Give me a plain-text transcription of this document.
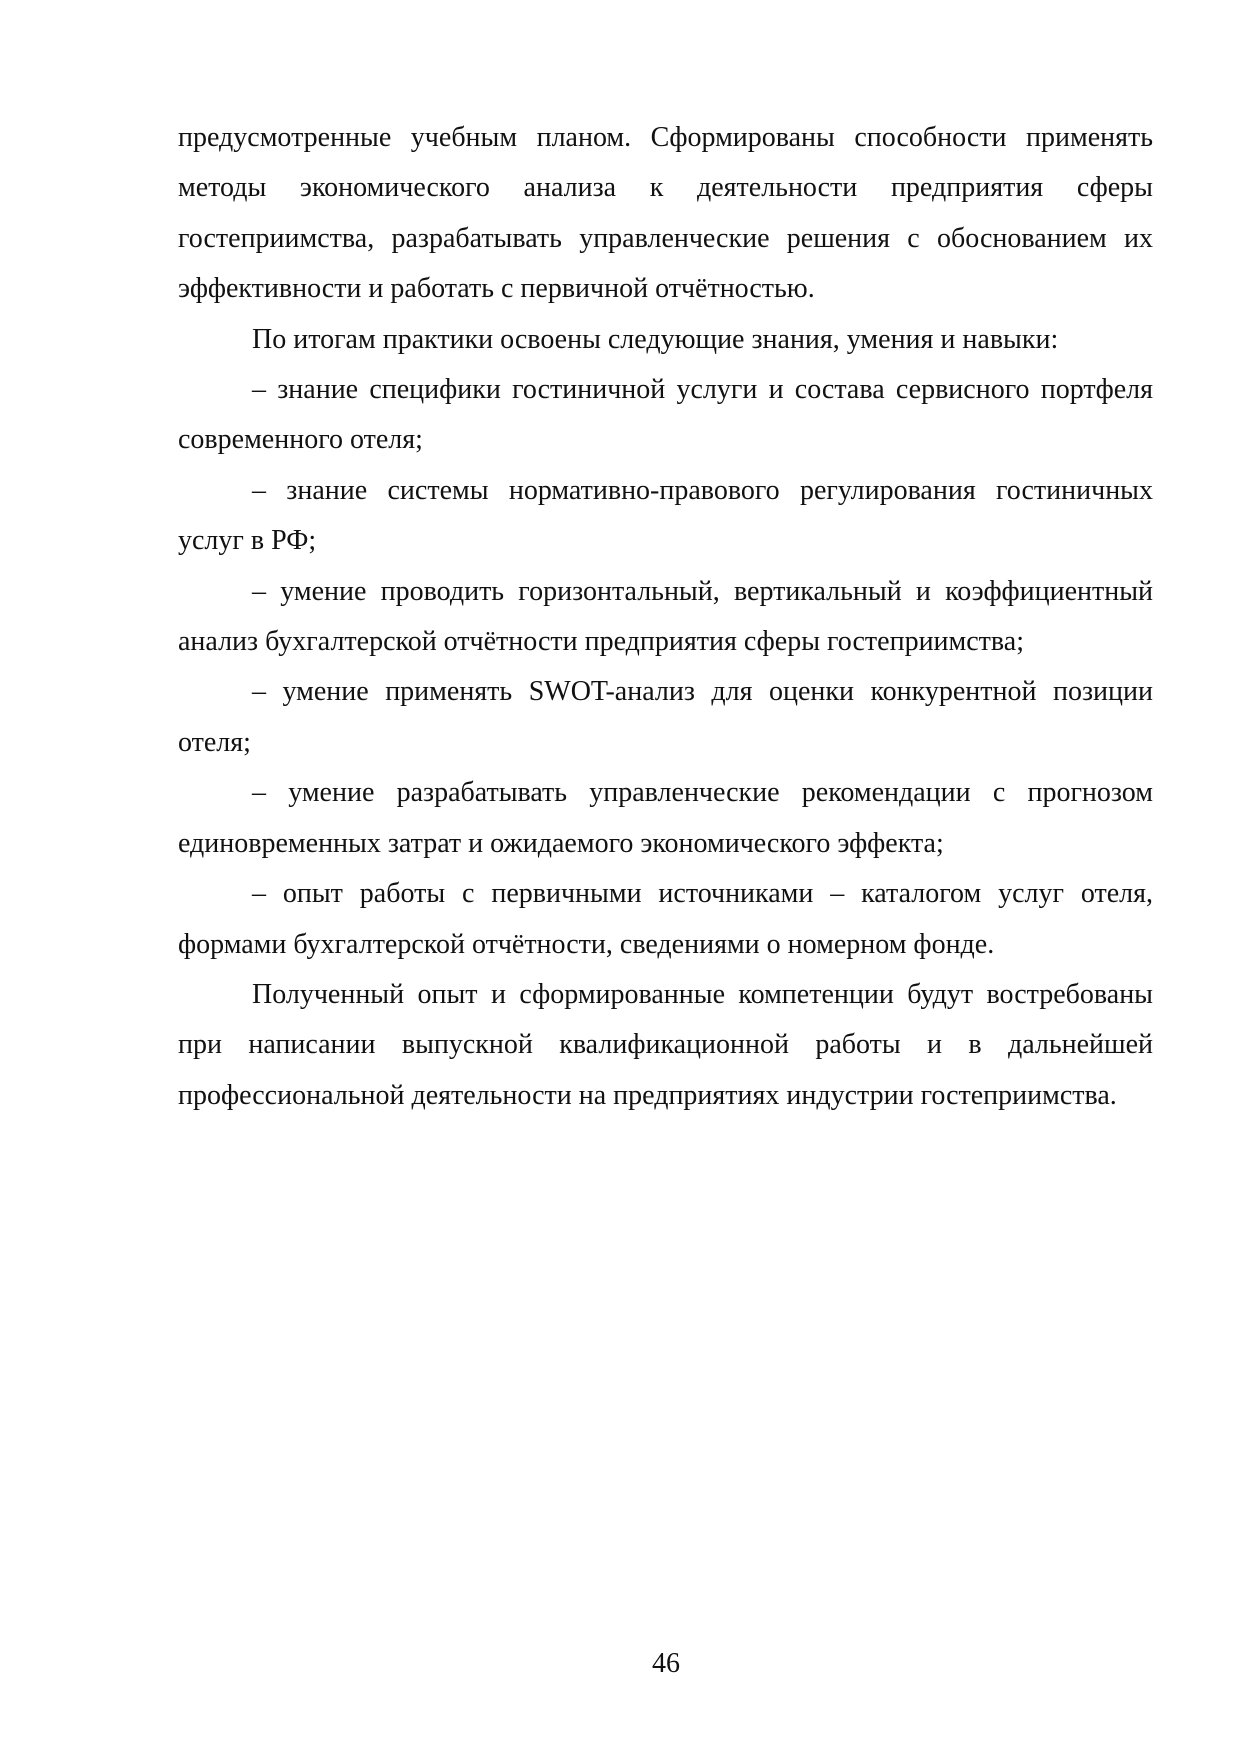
предусмотренные учебным планом. Сформированы способности применять методы экономического анализа к деятельности предприятия сферы гостеприимства, разрабатывать управленческие решения с обоснованием их эффективности и работать с первичной отчётностью.

По итогам практики освоены следующие знания, умения и навыки:

– знание специфики гостиничной услуги и состава сервисного портфеля современного отеля;

– знание системы нормативно-правового регулирования гостиничных услуг в РФ;

– умение проводить горизонтальный, вертикальный и коэффициентный анализ бухгалтерской отчётности предприятия сферы гостеприимства;

– умение применять SWOT-анализ для оценки конкурентной позиции отеля;

– умение разрабатывать управленческие рекомендации с прогнозом единовременных затрат и ожидаемого экономического эффекта;

– опыт работы с первичными источниками – каталогом услуг отеля, формами бухгалтерской отчётности, сведениями о номерном фонде.

Полученный опыт и сформированные компетенции будут востребованы при написании выпускной квалификационной работы и в дальнейшей профессиональной деятельности на предприятиях индустрии гостеприимства.

46
